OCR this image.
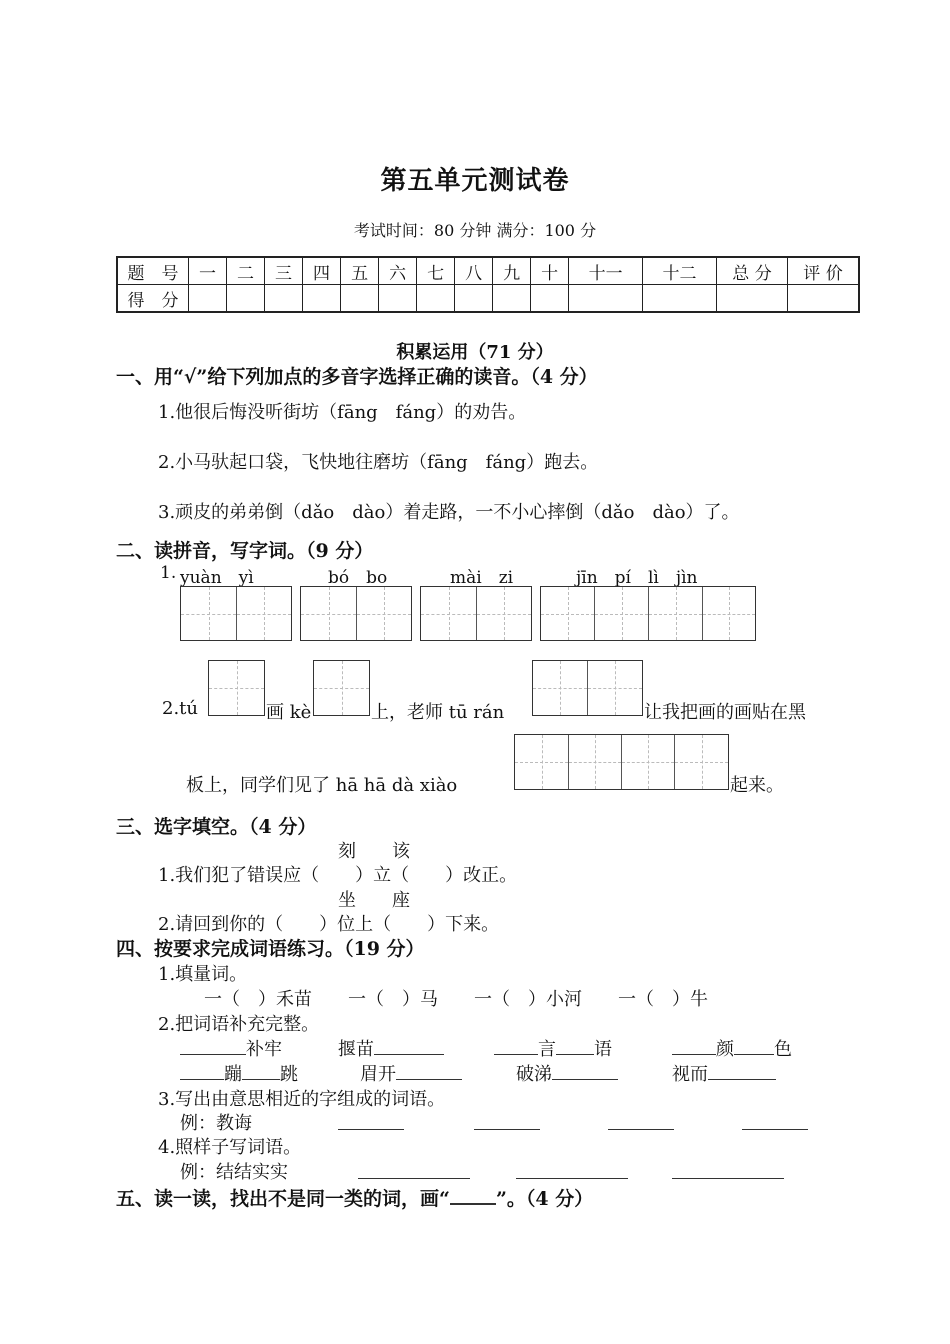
第五单元测试卷
考试时间：80 分钟 满分：100 分
题　号	一	二	三	四	五	六	七	八	九	十	十一	十二	总 分	评 价
得　分														
积累运用（71 分）
一、用“√”给下列加点的多音字选择正确的读音。（4 分）
1.他很后悔没听街坊（fāng　fáng）的劝告。
2.小马驮起口袋，飞快地往磨坊（fāng　fáng）跑去。
3.顽皮的弟弟倒（dǎo　dào）着走路，一不小心摔倒（dǎo　dào）了。
二、读拼音，写字词。（9 分）
1. yuàn　yì	bó　bo	mài　zi	jīn　pí　lì　jìn
2.tú	画 kè	上，老师 tū rán	让我把画的画贴在黑
板上，同学们见了 hā hā dà xiào	起来。
三、选字填空。（4 分）
刻　　该
1.我们犯了错误应（　　）立（　　）改正。
坐　　座
2.请回到你的（　　）位上（　　）下来。
四、按要求完成词语练习。（19 分）
1.填量词。
一（　）禾苗　　一（　）马　　一（　）小河　　一（　）牛
2.把词语补充完整。
补牢	揠苗	言 语	颜 色
蹦 跳	眉开	破涕	视而
3.写出由意思相近的字组成的词语。
例：教诲
4.照样子写词语。
例：结结实实
五、读一读，找出不是同一类的词，画“ ”。（4 分）
